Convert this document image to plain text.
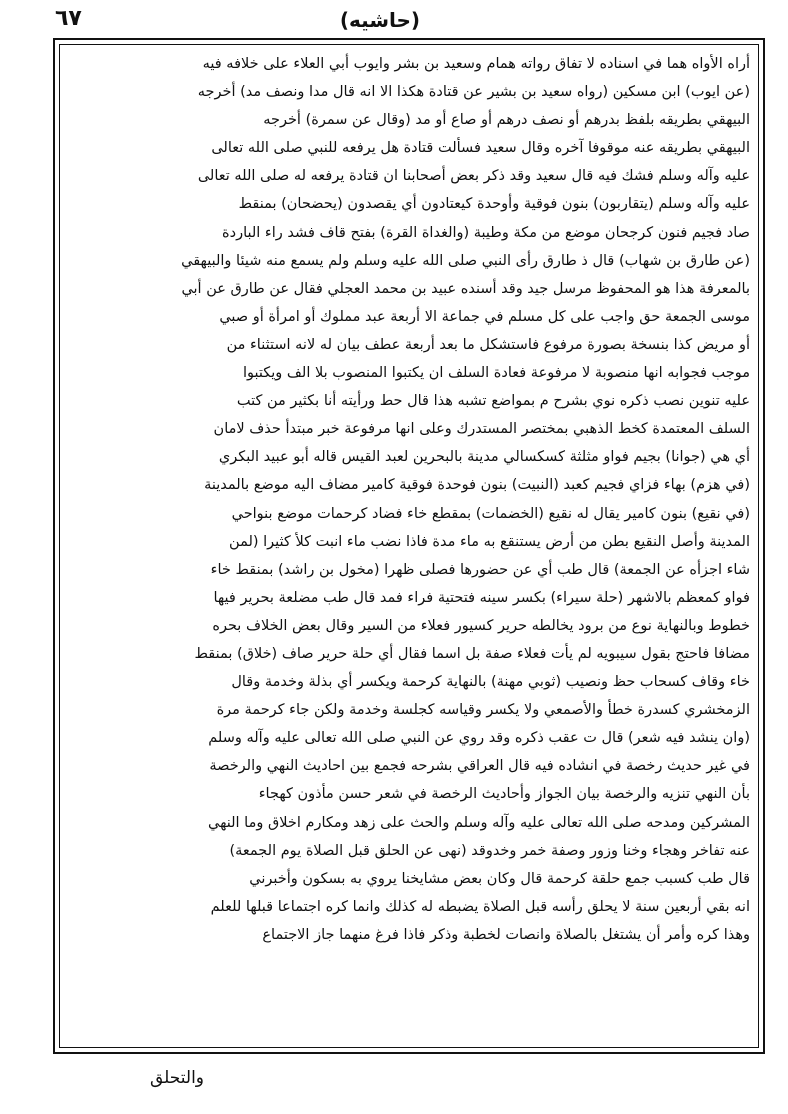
٦٧	(حاشيه)
أراه الأواه هما في اسناده لا تفاق رواته همام وسعيد بن بشر وايوب أبي العلاء على خلافه فيه
(عن ايوب) ابن مسكين (رواه سعيد بن بشير عن قتادة هكذا الا انه قال مدا ونصف مد) أخرجه
البيهقي بطريقه بلفظ بدرهم أو نصف درهم أو صاع أو مد (وقال عن سمرة) أخرجه
البيهقي بطريقه عنه موقوفا آخره وقال سعيد فسألت قتادة هل يرفعه للنبي صلى الله تعالى
عليه وآله وسلم فشك فيه قال سعيد وقد ذكر بعض أصحابنا ان قتادة يرفعه له صلى الله تعالى
عليه وآله وسلم (يتقاربون) بنون فوقية وأوحدة كيعتادون أي يقصدون (يحضحان) بمنقط
صاد فجيم فنون كرجحان موضع من مكة وطيبة (والغداة القرة) بفتح قاف فشد راء الباردة
(عن طارق بن شهاب) قال ذ طارق رأى النبي صلى الله عليه وسلم ولم يسمع منه شيئا والبيهقي
بالمعرفة هذا هو المحفوظ مرسل جيد وقد أسنده عبيد بن محمد العجلي فقال عن طارق عن أبي
موسى الجمعة حق واجب على كل مسلم في جماعة الا أربعة عبد مملوك أو امرأة أو صبي
أو مريض كذا بنسخة بصورة مرفوع فاستشكل ما بعد أربعة عطف بيان له لانه استثناء من
موجب فجوابه انها منصوبة لا مرفوعة فعادة السلف ان يكتبوا المنصوب بلا الف ويكتبوا
عليه تنوين نصب ذكره نوي بشرح م بمواضع تشبه هذا قال حط ورأيته أنا بكثير من كتب
السلف المعتمدة كخط الذهبي بمختصر المستدرك وعلى انها مرفوعة خبر مبتدأ حذف لامان
أي هي (جوانا) بجيم فواو مثلثة كسكسالي مدينة بالبحرين لعبد القيس قاله أبو عبيد البكري
(في هزم) بهاء فزاي فجيم كعبد (النبيت) بنون فوحدة فوقية كامير مضاف اليه موضع بالمدينة
(في نقيع) بنون كامير يقال له نقيع (الخضمات) بمقطع خاء فضاد كرحمات موضع بنواحي
المدينة وأصل النقيع بطن من أرض يستنقع به ماء مدة فاذا نضب ماء انبت كلأ كثيرا (لمن
شاء اجزأه عن الجمعة) قال طب أي عن حضورها فصلى ظهرا (مخول بن راشد) بمنقط خاء
فواو كمعظم بالاشهر (حلة سيراء) بكسر سينه فتحتية فراء فمد قال طب مضلعة بحرير فيها
خطوط وبالنهاية نوع من برود يخالطه حرير كسيور فعلاء من السير وقال بعض الخلاف بحره
مضافا فاحتج بقول سيبويه لم يأت فعلاء صفة بل اسما فقال أي حلة حرير صاف (خلاق) بمنقط
خاء وقاف كسحاب حظ ونصيب (ثوبي مهنة) بالنهاية كرحمة ويكسر أي بذلة وخدمة وقال
الزمخشري كسدرة خطأ والأصمعي ولا يكسر وقياسه كجلسة وخدمة ولكن جاء كرحمة مرة
(وان ينشد فيه شعر) قال ت عقب ذكره وقد روي عن النبي صلى الله تعالى عليه وآله وسلم
في غير حديث رخصة في انشاده فيه قال العراقي بشرحه فجمع بين احاديث النهي والرخصة
بأن النهي تنزيه والرخصة بيان الجواز وأحاديث الرخصة في شعر حسن مأذون كهجاء
المشركين ومدحه صلى الله تعالى عليه وآله وسلم والحث على زهد ومكارم اخلاق وما النهي
عنه تفاخر وهجاء وخنا وزور وصفة خمر وخدوقد (نهى عن الحلق قبل الصلاة يوم الجمعة)
قال طب كسبب جمع حلقة كرحمة قال وكان بعض مشايخنا يروي به بسكون وأخبرني
انه بقي أربعين سنة لا يحلق رأسه قبل الصلاة يضبطه له كذلك وانما كره اجتماعا قبلها للعلم
وهذا كره وأمر أن يشتغل بالصلاة وانصات لخطبة وذكر فاذا فرغ منهما جاز الاجتماع
والتحلق
